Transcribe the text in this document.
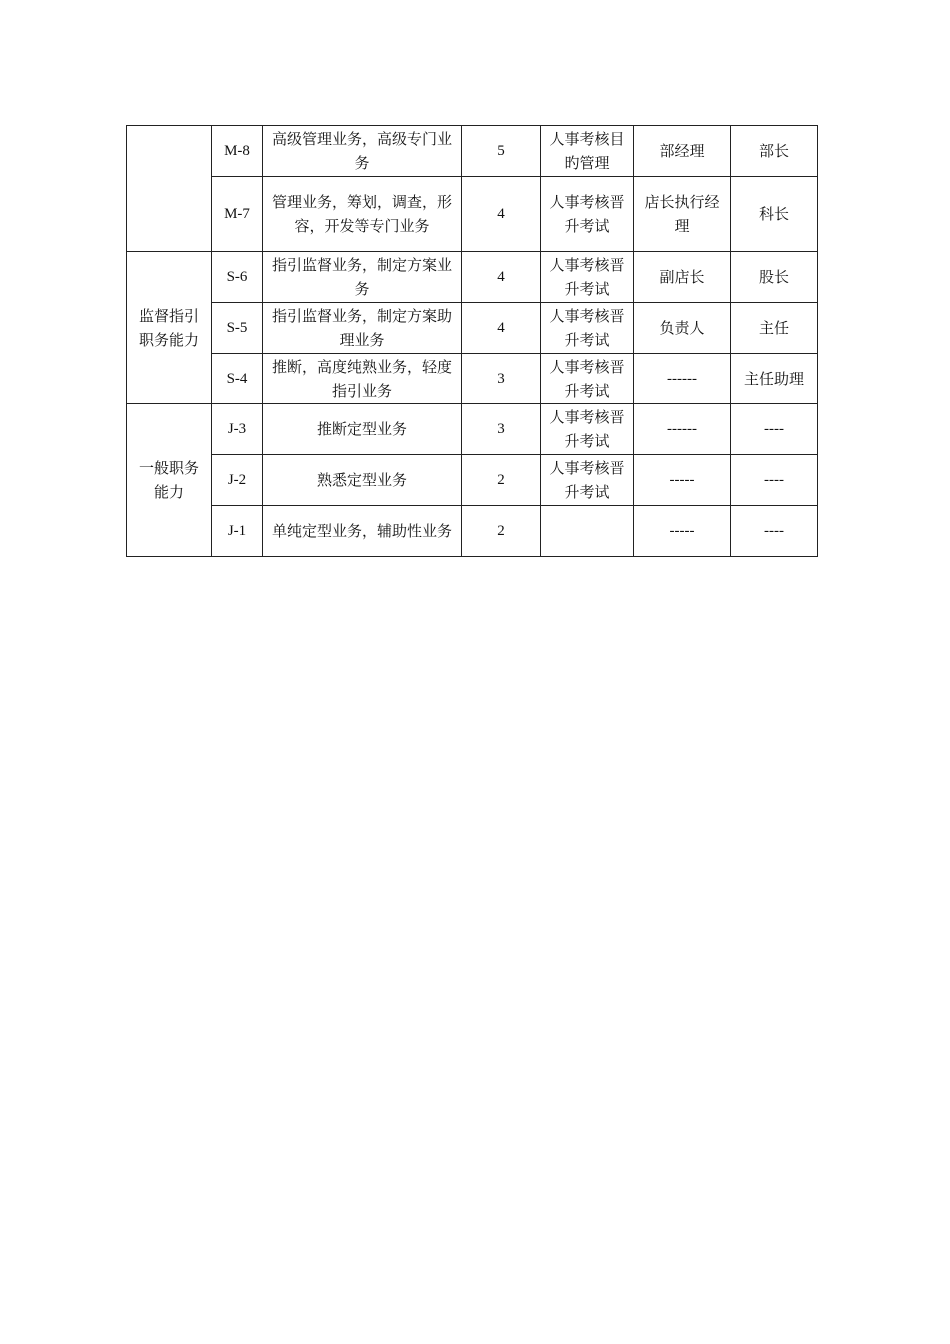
	M-8	高级管理业务，高级专门业务	5	人事考核目旳管理	部经理	部长
	M-7	管理业务，筹划，调查，形容，开发等专门业务	4	人事考核晋升考试	店长执行经理	科长
监督指引职务能力	S-6	指引监督业务，制定方案业务	4	人事考核晋升考试	副店长	股长
	S-5	指引监督业务，制定方案助理业务	4	人事考核晋升考试	负责人	主任
	S-4	推断，高度纯熟业务，轻度指引业务	3	人事考核晋升考试	------	主任助理
一般职务能力	J-3	推断定型业务	3	人事考核晋升考试	------	----
	J-2	熟悉定型业务	2	人事考核晋升考试	-----	----
	J-1	单纯定型业务，辅助性业务	2		-----	----
